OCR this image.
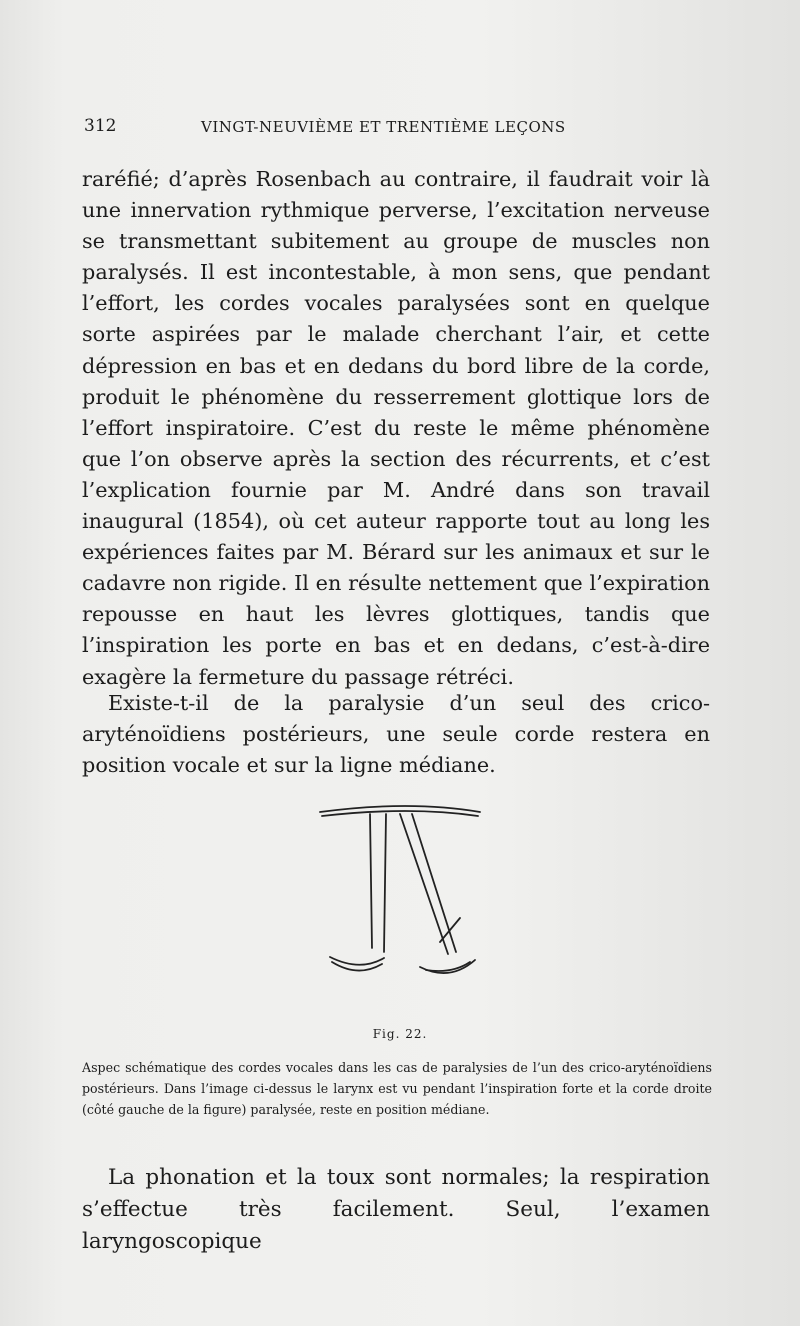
312	VINGT-NEUVIÈME ET TRENTIÈME LEÇONS

raréfié; d’après Rosenbach au contraire, il faudrait voir là une innervation rythmique perverse, l’excitation nerveuse se transmettant subitement au groupe de muscles non paralysés. Il est incontestable, à mon sens, que pendant l’effort, les cordes vocales paralysées sont en quelque sorte aspirées par le malade cherchant l’air, et cette dépression en bas et en dedans du bord libre de la corde, produit le phénomène du resserrement glottique lors de l’effort inspiratoire. C’est du reste le même phénomène que l’on observe après la section des récurrents, et c’est l’explication fournie par M. André dans son travail inaugural (1854), où cet auteur rapporte tout au long les expériences faites par M. Bérard sur les animaux et sur le cadavre non rigide. Il en résulte nettement que l’expiration repousse en haut les lèvres glottiques, tandis que l’inspiration les porte en bas et en dedans, c’est-à-dire exagère la fermeture du passage rétréci.

Existe-t-il de la paralysie d’un seul des crico-aryténoïdiens postérieurs, une seule corde restera en position vocale et sur la ligne médiane.

Fig. 22.

Aspec schématique des cordes vocales dans les cas de paralysies de l’un des crico-aryténoïdiens postérieurs. Dans l’image ci-dessus le larynx est vu pendant l’inspiration forte et la corde droite (côté gauche de la figure) paralysée, reste en position médiane.

La phonation et la toux sont normales; la respiration s’effectue très facilement. Seul, l’examen laryngoscopique
